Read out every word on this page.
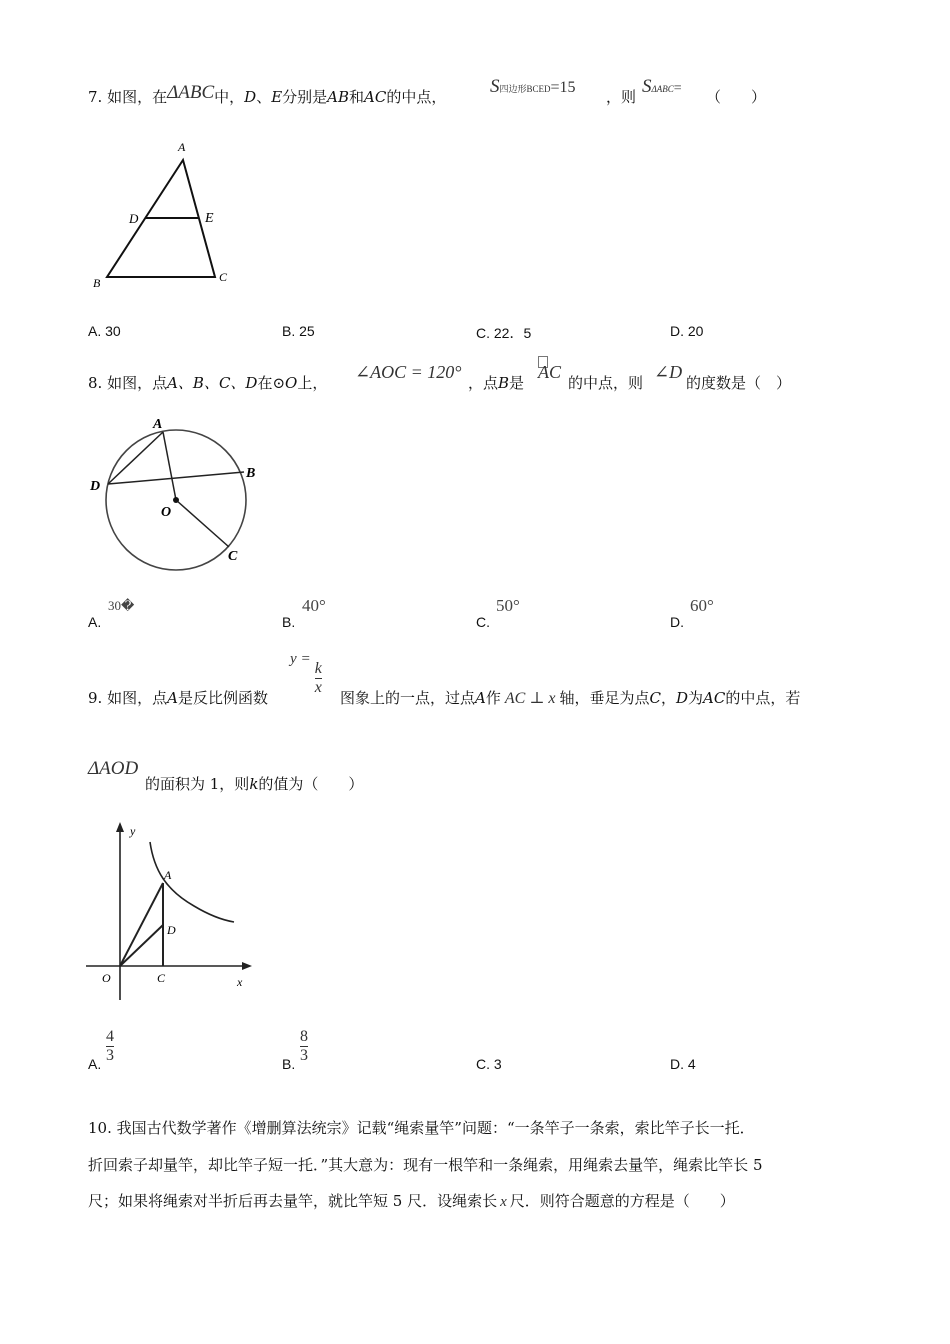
7. 如图，在ΔABC中，D、E分别是AB和AC的中点， S四边形BCED=15
，则 SΔABC= （　　）
A
D	E
B	C
A. 30	B. 25	C. 22．5	D. 20
8. 如图，点A、B、C、D在⊙O上，
∠AOC = 120°
，点B是
AC
的中点，则
∠D
的度数是（　）
A
B
D
O
C
A.
30�
B.
40°
C.
50°
D.
60°
9. 如图，点A是反比例函数
y =
$\frac{k}{x}$
图象上的一点，过点A作 AC ⊥ x 轴，垂足为点C，D为AC的中点，若
ΔAOD
的面积为 1，则k的值为（　　）
y
A
D
O	C	x
A.
4
3	B.
8
3	C. 3	D. 4
10. 我国古代数学著作《增删算法统宗》记载“绳索量竿”问题：“一条竿子一条索，索比竿子长一托．
折回索子却量竿，却比竿子短一托．”其大意为：现有一根竿和一条绳索，用绳索去量竿，绳索比竿长 5
尺；如果将绳索对半折后再去量竿，就比竿短 5 尺．设绳索长 x 尺．则符合题意的方程是（　　）
